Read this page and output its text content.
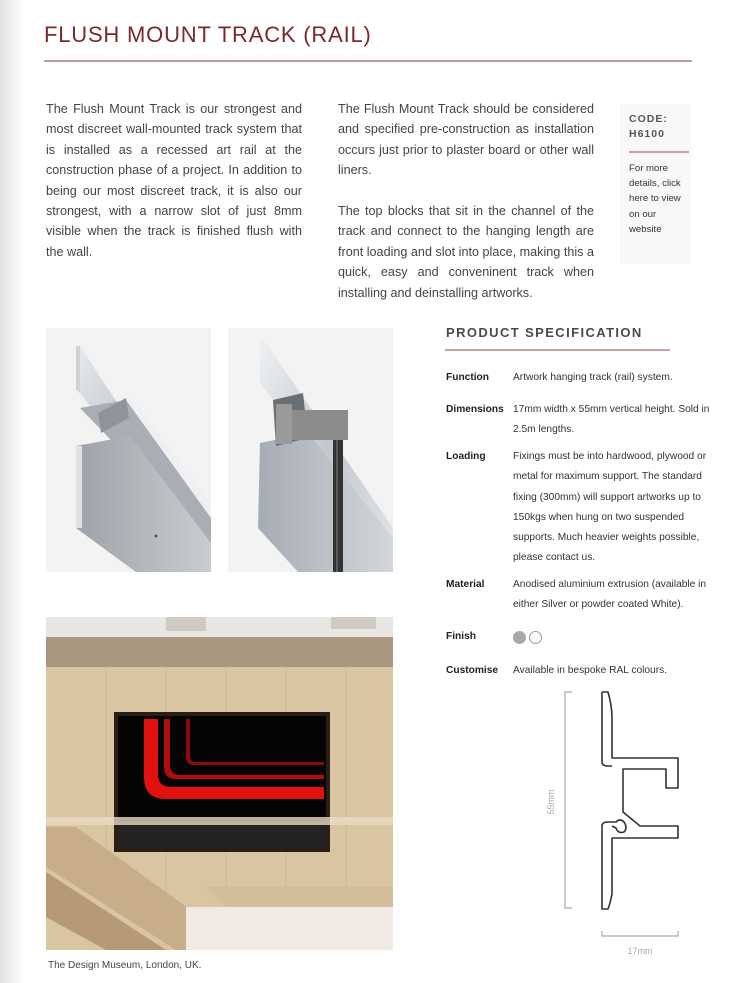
FLUSH MOUNT TRACK (RAIL)

The Flush Mount Track is our strongest and most discreet wall-mounted track system that is installed as a recessed art rail at the construction phase of a project. In addition to being our most discreet track, it is also our strongest, with a narrow slot of just 8mm visible when the track is finished flush with the wall.

The Flush Mount Track should be considered and specified pre-construction as installation occurs just prior to plaster board or other wall liners.

The top blocks that sit in the channel of the track and connect to the hanging length are front loading and slot into place, making this a quick, easy and conveninent track when installing and deinstalling artworks.

CODE:
H6100
For more details, click here to view on our website
The Design Museum, London, UK.
PRODUCT SPECIFICATION
Function	Artwork hanging track (rail) system.
Dimensions 17mm width x 55mm vertical height. Sold in 2.5m lengths.
Loading	Fixings must be into hardwood, plywood or metal for maximum support. The standard fixing (300mm) will support artworks up to 150kgs when hung on two suspended supports. Much heavier weights possible, please contact us.
Material	Anodised aluminium extrusion (available in either Silver or powder coated White).
Finish
Customise	Available in bespoke RAL colours.
55mm
17mm
